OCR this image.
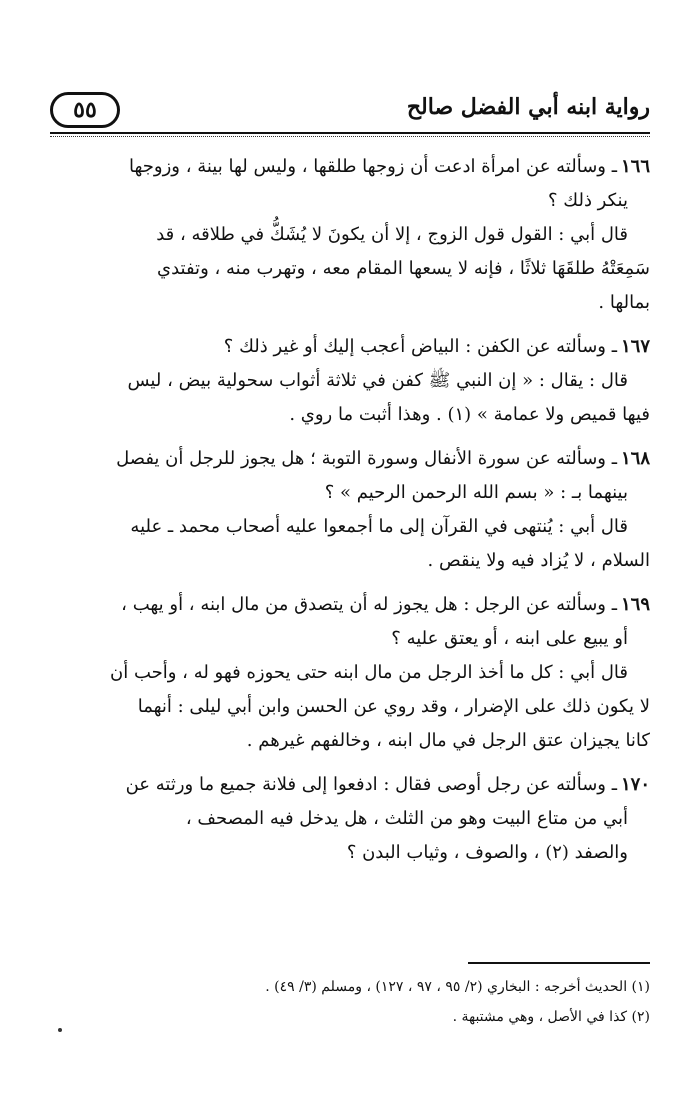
٥٥	رواية ابنه أبي الفضل صالح

١٦٦ـ وسألته عن امرأة ادعت أن زوجها طلقها ، وليس لها بينة ، وزوجها

ينكر ذلك ؟

قال أبي : القول قول الزوج ، إلا أن يكونَ لا يُشَكُّ في طلاقه ، قد

سَمِعَتْهُ طلقَهَا ثلاثًا ، فإنه لا يسعها المقام معه ، وتهرب منه ، وتفتدي

بمالها .

١٦٧ـ وسألته عن الكفن : البياض أعجب إليك أو غير ذلك ؟

قال : يقال : « إن النبي ﷺ كفن في ثلاثة أثواب سحولية بيض ، ليس

فيها قميص ولا عمامة » (١) . وهذا أثبت ما روي .

١٦٨ـ وسألته عن سورة الأنفال وسورة التوبة ؛ هل يجوز للرجل أن يفصل

بينهما بـ : « بسم الله الرحمن الرحيم » ؟

قال أبي : يُنتهى في القرآن إلى ما أجمعوا عليه أصحاب محمد ـ عليه

السلام ، لا يُزاد فيه ولا ينقص .

١٦٩ـ وسألته عن الرجل : هل يجوز له أن يتصدق من مال ابنه ، أو يهب ،

أو يبيع على ابنه ، أو يعتق عليه ؟

قال أبي : كل ما أخذ الرجل من مال ابنه حتى يحوزه فهو له ، وأحب أن

لا يكون ذلك على الإضرار ، وقد روي عن الحسن وابن أبي ليلى : أنهما

كانا يجيزان عتق الرجل في مال ابنه ، وخالفهم غيرهم .

١٧٠ـ وسألته عن رجل أوصى فقال : ادفعوا إلى فلانة جميع ما ورثته عن

أبي من متاع البيت وهو من الثلث ، هل يدخل فيه المصحف ،

والصفد (٢) ، والصوف ، وثياب البدن ؟

(١) الحديث أخرجه : البخاري (٢/ ٩٥ ، ٩٧ ، ١٢٧) ، ومسلم (٣/ ٤٩) .

(٢) كذا في الأصل ، وهي مشتبهة .
